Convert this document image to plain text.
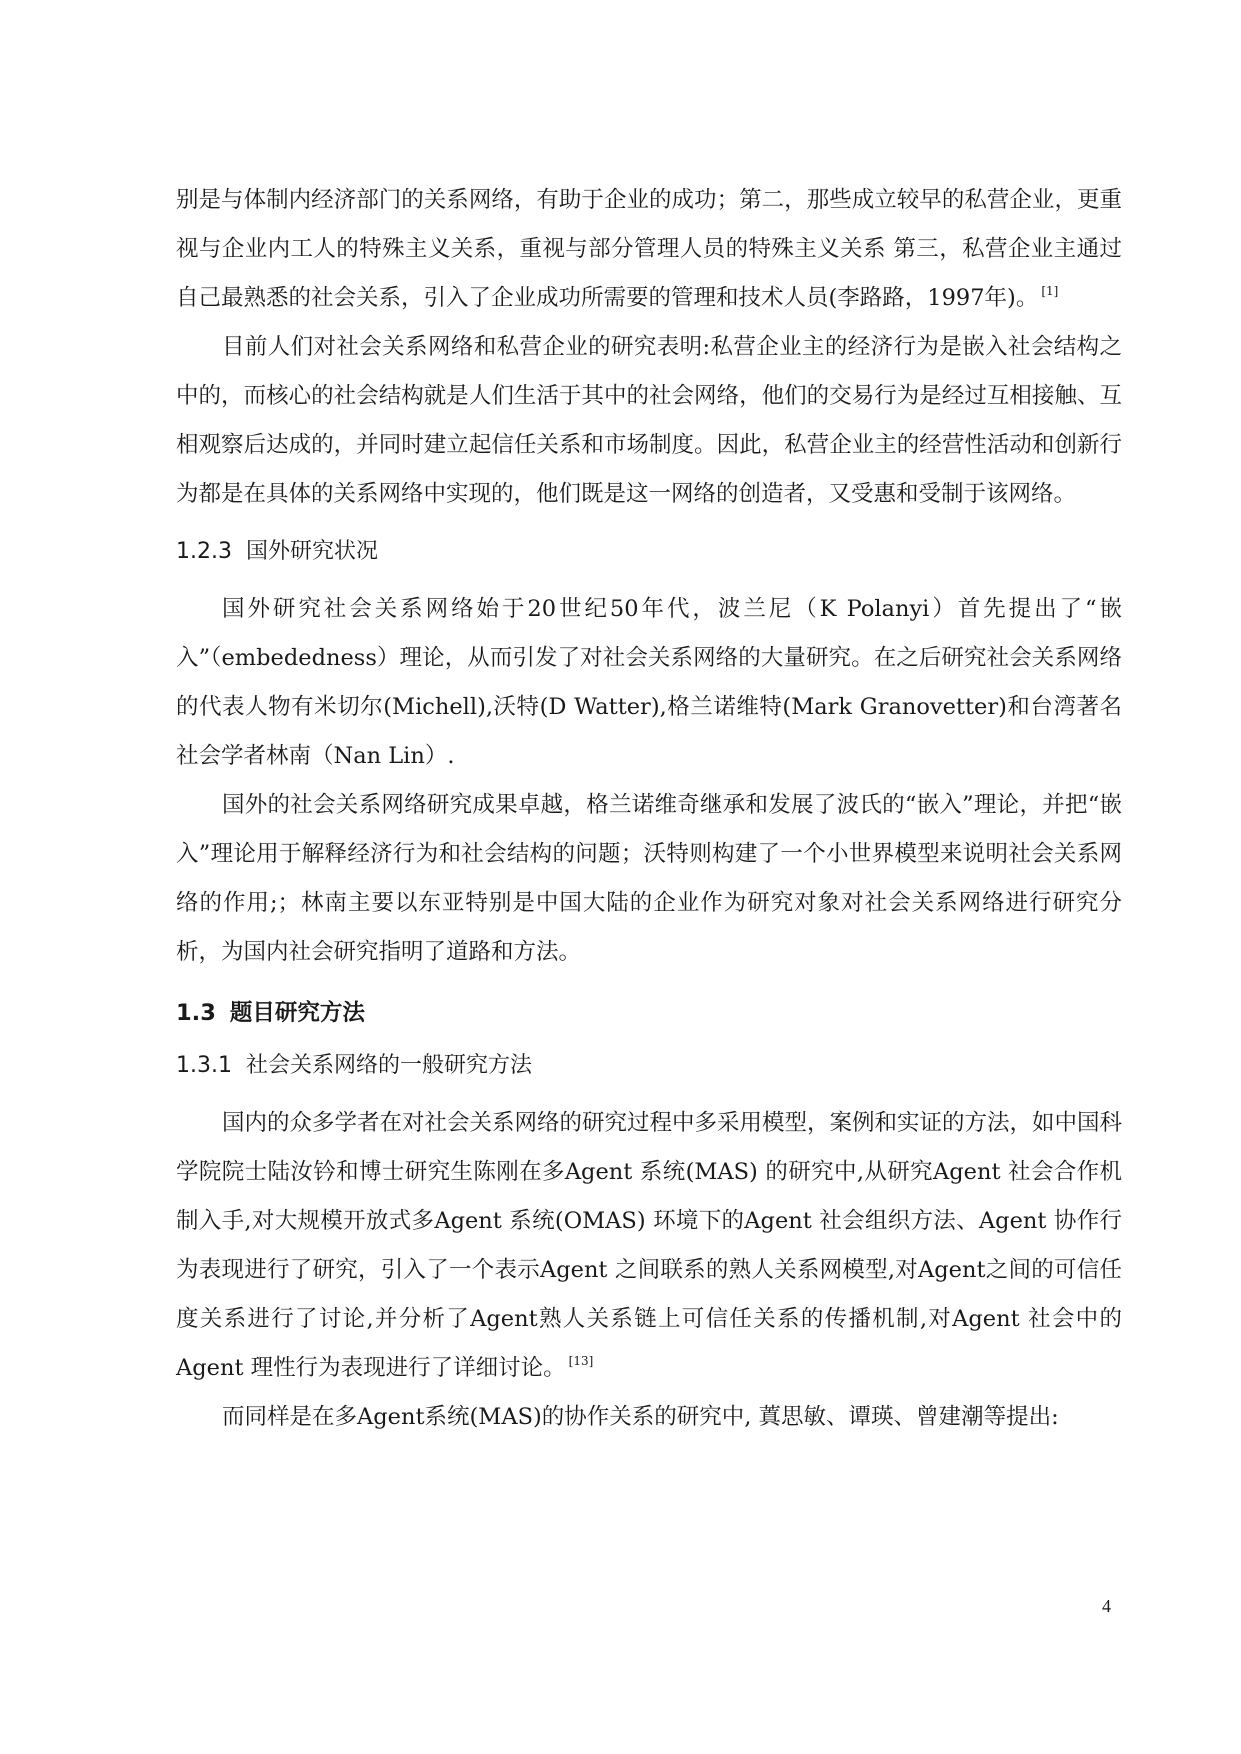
别是与体制内经济部门的关系网络，有助于企业的成功；第二，那些成立较早的私营企业，更重视与企业内工人的特殊主义关系，重视与部分管理人员的特殊主义关系 第三，私营企业主通过自己最熟悉的社会关系，引入了企业成功所需要的管理和技术人员(李路路，1997年)。 [1]

目前人们对社会关系网络和私营企业的研究表明:私营企业主的经济行为是嵌入社会结构之中的，而核心的社会结构就是人们生活于其中的社会网络，他们的交易行为是经过互相接触、互相观察后达成的，并同时建立起信任关系和市场制度。因此，私营企业主的经营性活动和创新行为都是在具体的关系网络中实现的，他们既是这一网络的创造者，又受惠和受制于该网络。

1.2.3 国外研究状况

国外研究社会关系网络始于20世纪50年代，波兰尼（K Polanyi）首先提出了“嵌入”（embededness）理论，从而引发了对社会关系网络的大量研究。在之后研究社会关系网络的代表人物有米切尔(Michell),沃特(D Watter),格兰诺维特(Mark Granovetter)和台湾著名社会学者林南（Nan Lin）.

国外的社会关系网络研究成果卓越，格兰诺维奇继承和发展了波氏的“嵌入”理论，并把“嵌入”理论用于解释经济行为和社会结构的问题；沃特则构建了一个小世界模型来说明社会关系网络的作用;；林南主要以东亚特别是中国大陆的企业作为研究对象对社会关系网络进行研究分析，为国内社会研究指明了道路和方法。

1.3 题目研究方法
1.3.1 社会关系网络的一般研究方法

国内的众多学者在对社会关系网络的研究过程中多采用模型，案例和实证的方法，如中国科学院院士陆汝钤和博士研究生陈刚在多Agent 系统(MAS) 的研究中,从研究Agent 社会合作机制入手,对大规模开放式多Agent 系统(OMAS) 环境下的Agent 社会组织方法、Agent 协作行为表现进行了研究，引入了一个表示Agent 之间联系的熟人关系网模型,对Agent之间的可信任度关系进行了讨论,并分析了Agent熟人关系链上可信任关系的传播机制,对Agent 社会中的Agent 理性行为表现进行了详细讨论。 [13]

而同样是在多Agent系统(MAS)的协作关系的研究中, 蒖思敏、谭瑛、曾建潮等提出:

4
